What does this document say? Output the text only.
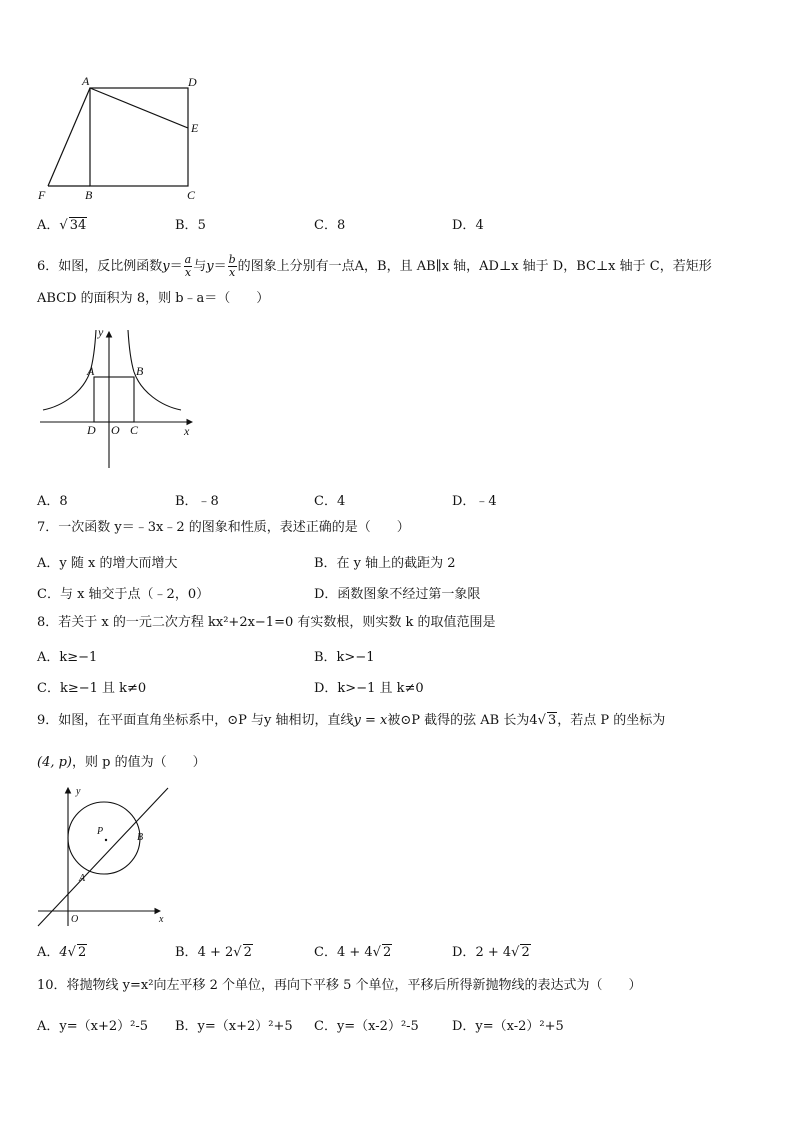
A	D
E
F	B	C
A．√ 34	B．5	C．8	D．4
6．如图，反比例函数$y= \frac{a}{x}$ 与$y= \frac{b}{x}$ 的图象上分别有一点A，B，且 AB∥x 轴，AD⊥x 轴于 D，BC⊥x 轴于 C，若矩形
ABCD 的面积为 8，则 b﹣a＝（　　）
y
A	B
D O C	x
A．8	B．﹣8	C．4	D．﹣4
7．一次函数 y＝﹣3x﹣2 的图象和性质，表述正确的是（　　）
A．y 随 x 的增大而增大	B．在 y 轴上的截距为 2
C．与 x 轴交于点（﹣2，0）	D．函数图象不经过第一象限
8．若关于 x 的一元二次方程 kx²+2x−1=0 有实数根，则实数 k 的取值范围是
A．k≥−1	B．k>−1
C．k≥−1 且 k≠0	D．k>−1 且 k≠0
9．如图，在平面直角坐标系中，⊙P 与y 轴相切，直线y = x被⊙P 截得的弦 AB 长为4√ 3，若点 P 的坐标为
(4, p)，则 p 的值为（　　）
y
P
B
A
O	x
A．4√ 2	B．4 + 2√ 2	C．4 + 4√ 2	D．2 + 4√ 2
10．将抛物线 y=x²向左平移 2 个单位，再向下平移 5 个单位，平移后所得新抛物线的表达式为（　　）
A．y=（x+2）²-5 B．y=（x+2）²+5 C．y=（x-2）²-5	D．y=（x-2）²+5
